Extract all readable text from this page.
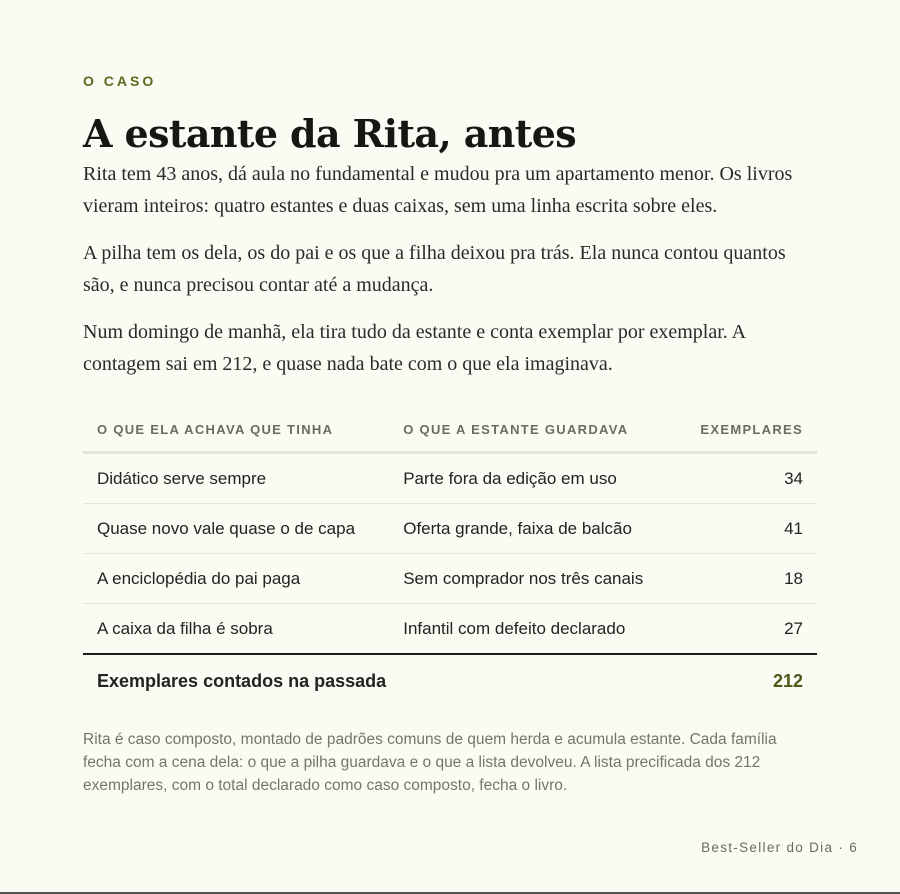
O CASO

A estante da Rita, antes

Rita tem 43 anos, dá aula no fundamental e mudou pra um apartamento menor. Os livros vieram inteiros: quatro estantes e duas caixas, sem uma linha escrita sobre eles.

A pilha tem os dela, os do pai e os que a filha deixou pra trás. Ela nunca contou quantos são, e nunca precisou contar até a mudança.

Num domingo de manhã, ela tira tudo da estante e conta exemplar por exemplar. A contagem sai em 212, e quase nada bate com o que ela imaginava.

O QUE ELA ACHAVA QUE TINHA	O QUE A ESTANTE GUARDAVA	EXEMPLARES
Didático serve sempre	Parte fora da edição em uso	34
Quase novo vale quase o de capa	Oferta grande, faixa de balcão	41
A enciclopédia do pai paga	Sem comprador nos três canais	18
A caixa da filha é sobra	Infantil com defeito declarado	27
Exemplares contados na passada		212

Rita é caso composto, montado de padrões comuns de quem herda e acumula estante. Cada família fecha com a cena dela: o que a pilha guardava e o que a lista devolveu. A lista precificada dos 212 exemplares, com o total declarado como caso composto, fecha o livro.

Best-Seller do Dia · 6
